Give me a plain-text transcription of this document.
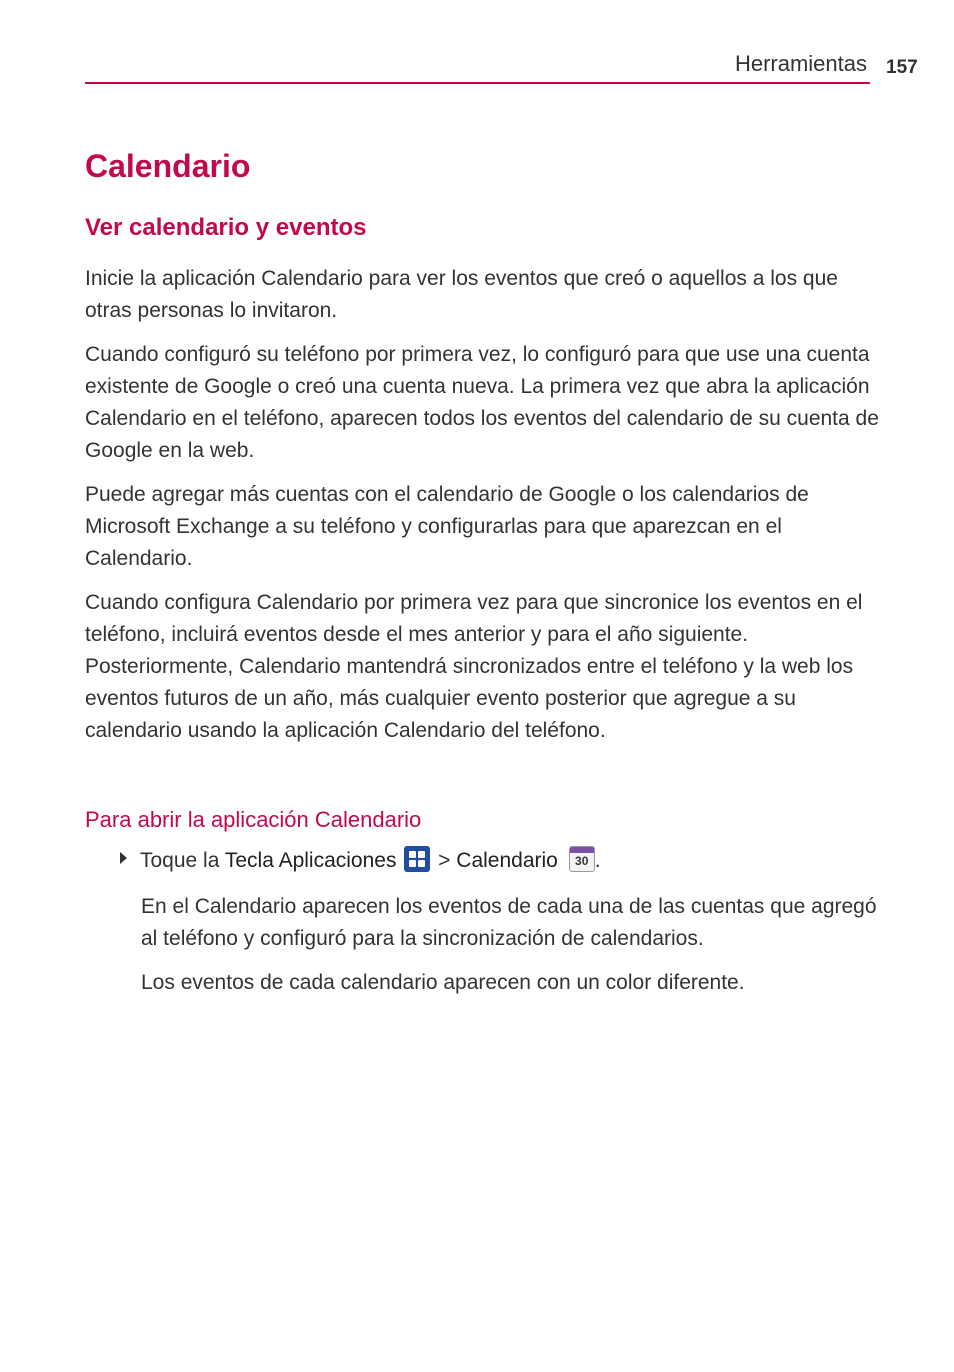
Herramientas 157
Calendario
Ver calendario y eventos

Inicie la aplicación Calendario para ver los eventos que creó o aquellos a los que otras personas lo invitaron.

Cuando configuró su teléfono por primera vez, lo configuró para que use una cuenta existente de Google o creó una cuenta nueva. La primera vez que abra la aplicación Calendario en el teléfono, aparecen todos los eventos del calendario de su cuenta de Google en la web.

Puede agregar más cuentas con el calendario de Google o los calendarios de Microsoft Exchange a su teléfono y configurarlas para que aparezcan en el Calendario.

Cuando configura Calendario por primera vez para que sincronice los eventos en el teléfono, incluirá eventos desde el mes anterior y para el año siguiente. Posteriormente, Calendario mantendrá sincronizados entre el teléfono y la web los eventos futuros de un año, más cualquier evento posterior que agregue a su calendario usando la aplicación Calendario del teléfono.

Para abrir la aplicación Calendario
Toque la Tecla Aplicaciones > Calendario	30 .

En el Calendario aparecen los eventos de cada una de las cuentas que agregó al teléfono y configuró para la sincronización de calendarios.

Los eventos de cada calendario aparecen con un color diferente.
